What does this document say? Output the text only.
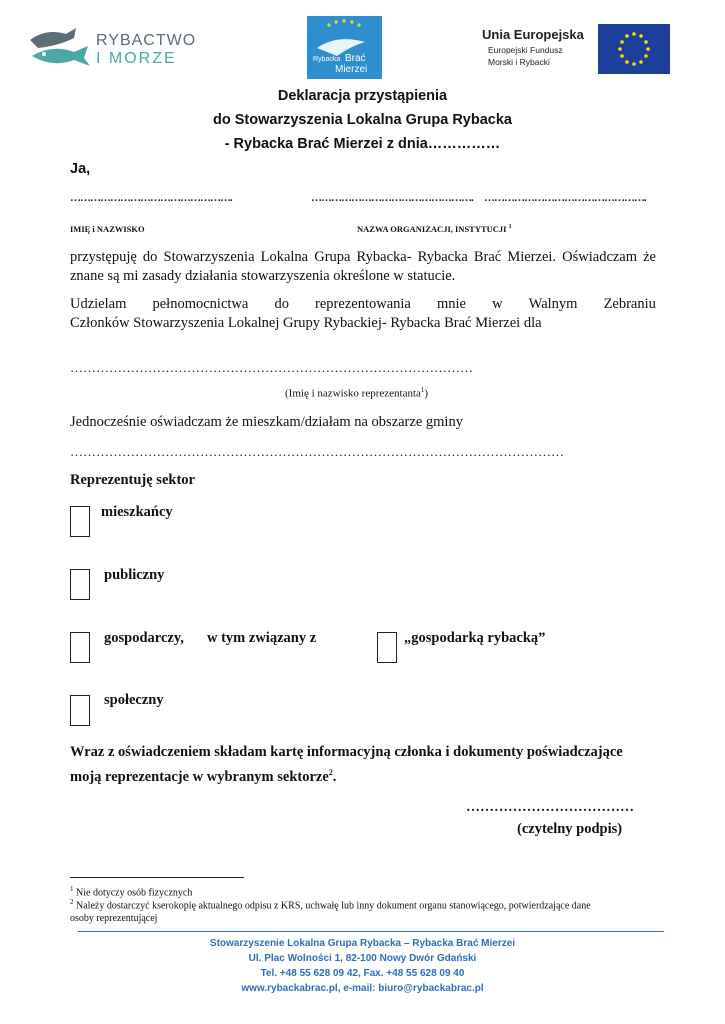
RYBACTWO
I MORZE	Rybacka Brać
Mierzei
Unia Europejska
Europejski Fundusz
Morski i Rybacki
Deklaracja przystąpienia
do Stowarzyszenia Lokalna Grupa Rybacka
- Rybacka Brać Mierzei z dnia……………
Ja,
………………………………………….	…………………………………………. ………………………………………….
IMIĘ i NAZWISKO	NAZWA ORGANIZACJI, INSTYTUCJI $^1$
przystępuję do Stowarzyszenia Lokalna Grupa Rybacka- Rybacka Brać Mierzei. Oświadczam że znane są mi zasady działania stowarzyszenia określone w statucie.
Udzielam pełnomocnictwa do reprezentowania mnie w Walnym Zebraniu
Członków Stowarzyszenia Lokalnej Grupy Rybackiej- Rybacka Brać Mierzei dla
…………………………………………………………………………………
(Imię i nazwisko reprezentanta$^1$)
Jednocześnie oświadczam że mieszkam/działam na obszarze gminy
……………………………………………………………………………………………………
Reprezentuję sektor
mieszkańcy
publiczny
gospodarczy, w tym związany z	„gospodarką rybacką”
społeczny
Wraz z oświadczeniem składam kartę informacyjną członka i dokumenty poświadczające
moją reprezentacje w wybranym sektorze$^2$.
………………………………
(czytelny podpis)
$^1$ Nie dotyczy osób fizycznych
$^2$ Należy dostarczyć kserokopię aktualnego odpisu z KRS, uchwałę lub inny dokument organu stanowiącego, potwierdzające dane
osoby reprezentującej
Stowarzyszenie Lokalna Grupa Rybacka – Rybacka Brać Mierzei
Ul. Plac Wolności 1, 82-100 Nowy Dwór Gdański
Tel. +48 55 628 09 42, Fax. +48 55 628 09 40
www.rybackabrac.pl, e-mail: biuro@rybackabrac.pl
